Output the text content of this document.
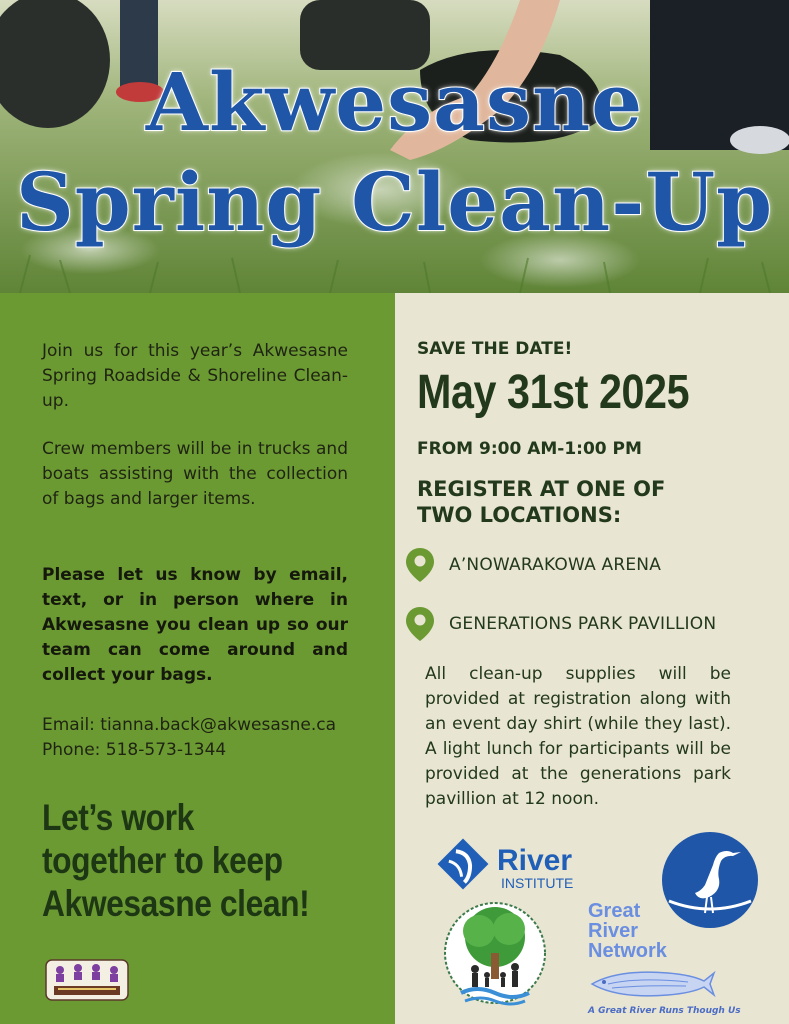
Akwesasne
Spring Clean-Up

Join us for this year’s Akwesasne Spring Roadside & Shoreline Clean-up.

Crew members will be in trucks and boats assisting with the collection of bags and larger items.

Please let us know by email, text, or in person where in Akwesasne you clean up so our team can come around and collect your bags.

Email: tianna.back@akwesasne.ca
Phone: 518-573-1344
Let’s work
together to keep
Akwesasne clean!
SAVE THE DATE!
May 31st 2025
FROM 9:00 AM-1:00 PM
REGISTER AT ONE OF
TWO LOCATIONS:
A’NOWARAKOWA ARENA
GENERATIONS PARK PAVILLION

All clean-up supplies will be provided at registration along with an event day shirt (while they last). A light lunch for participants will be provided at the generations park pavillion at 12 noon.

River
INSTITUTE
Great
River
Network
A Great River Runs Though Us
